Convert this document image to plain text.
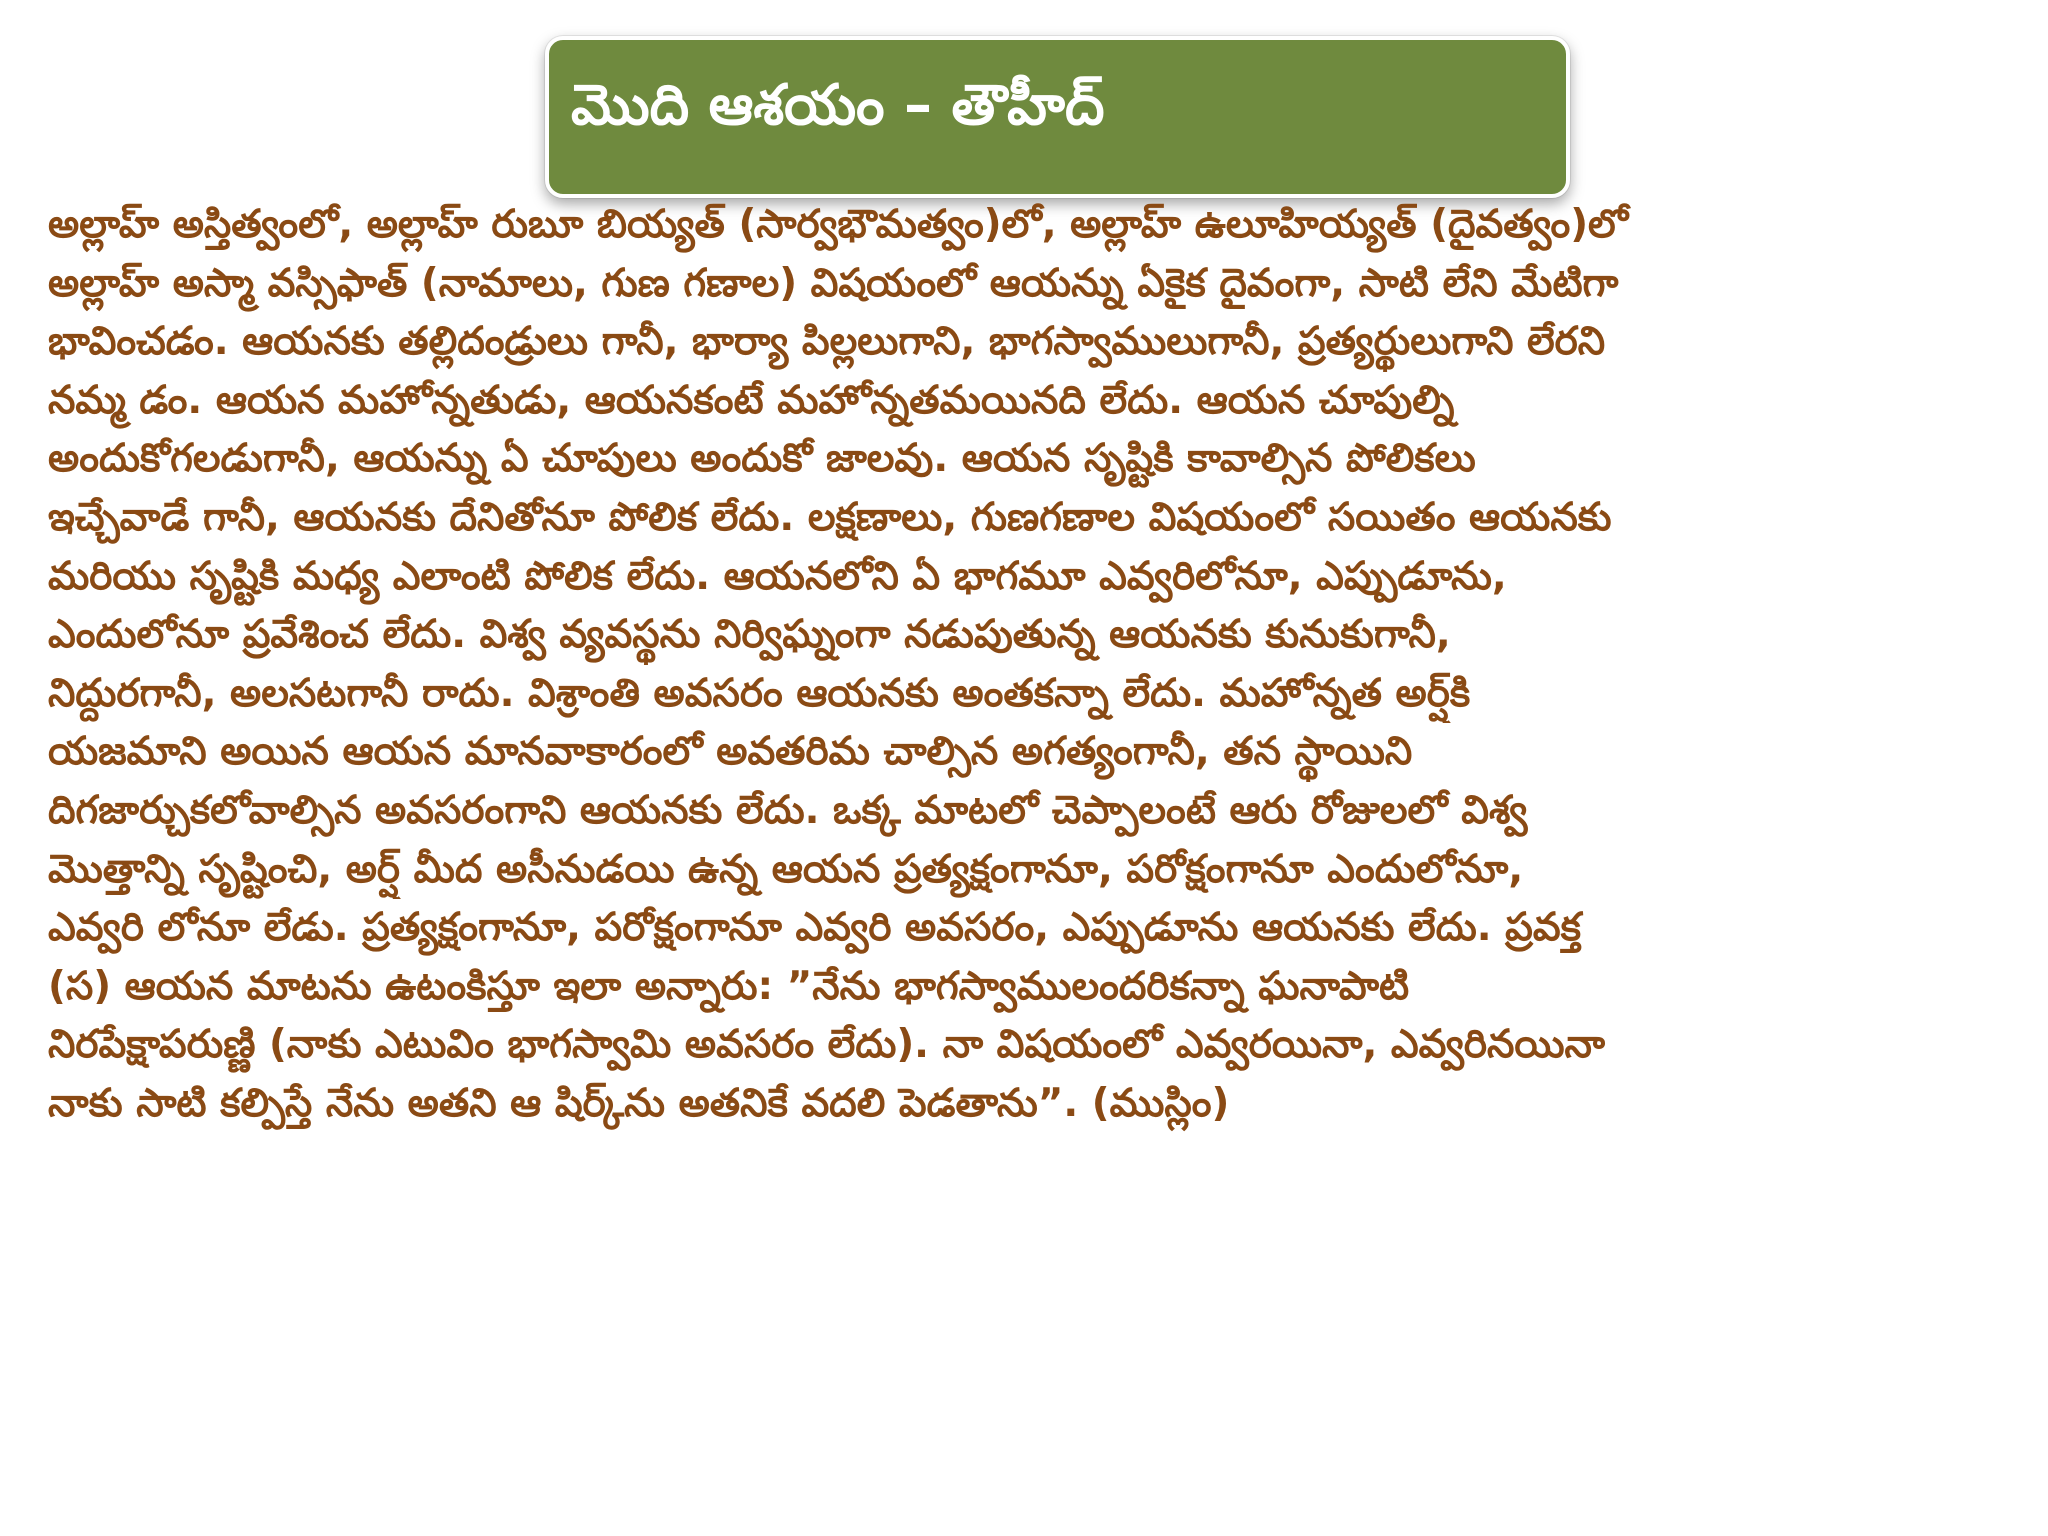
మొది ఆశయం – తౌహీద్
అల్లాహ్ అస్తిత్వంలో, అల్లాహ్ రుబూ బియ్యత్ (సార్వభౌమత్వం)లో, అల్లాహ్ ఉలూహియ్యత్ (దైవత్వం)లో
అల్లాహ్ అస్మా వస్సిఫాత్ (నామాలు, గుణ గణాల) విషయంలో ఆయన్ను ఏకైక దైవంగా, సాటి లేని మేటిగా
భావించడం. ఆయనకు తల్లిదండ్రులు గానీ, భార్యా పిల్లలుగాని, భాగస్వాములుగానీ, ప్రత్యర్థులుగాని లేరని
నమ్మ డం. ఆయన మహోన్నతుడు, ఆయనకంటే మహోన్నతమయినది లేదు. ఆయన చూపుల్ని
అందుకోగలడుగానీ, ఆయన్ను ఏ చూపులు అందుకో జాలవు. ఆయన సృష్టికి కావాల్సిన పోలికలు
ఇచ్చేవాడే గానీ, ఆయనకు దేనితోనూ పోలిక లేదు. లక్షణాలు, గుణగణాల విషయంలో సయితం ఆయనకు
మరియు సృష్టికి మధ్య ఎలాంటి పోలిక లేదు. ఆయనలోని ఏ భాగమూ ఎవ్వరిలోనూ, ఎప్పుడూను,
ఎందులోనూ ప్రవేశించ లేదు. విశ్వ వ్యవస్థను నిర్విఘ్నంగా నడుపుతున్న ఆయనకు కునుకుగానీ,
నిద్దురగానీ, అలసటగానీ రాదు. విశ్రాంతి అవసరం ఆయనకు అంతకన్నా లేదు. మహోన్నత అర్ష్‌కి
యజమాని అయిన ఆయన మానవాకారంలో అవతరిమ చాల్సిన అగత్యంగానీ, తన స్థాయిని
దిగజార్చుకలోవాల్సిన అవసరంగాని ఆయనకు లేదు. ఒక్క మాటలో చెప్పాలంటే ఆరు రోజులలో విశ్వ
మొత్తాన్ని సృష్టించి, అర్ష్ మీద అసీనుడయి ఉన్న ఆయన ప్రత్యక్షంగానూ, పరోక్షంగానూ ఎందులోనూ,
ఎవ్వరి లోనూ లేడు. ప్రత్యక్షంగానూ, పరోక్షంగానూ ఎవ్వరి అవసరం, ఎప్పుడూను ఆయనకు లేదు. ప్రవక్త
(స) ఆయన మాటను ఉటంకిస్తూ ఇలా అన్నారు: ”నేను భాగస్వాములందరికన్నా ఘనాపాటి
నిరపేక్షాపరుణ్ణి (నాకు ఎటువిం భాగస్వామి అవసరం లేదు). నా విషయంలో ఎవ్వరయినా, ఎవ్వరినయినా
నాకు సాటి కల్పిస్తే నేను అతని ఆ షిర్క్‌ను అతనికే వదలి పెడతాను”. (ముస్లిం)
